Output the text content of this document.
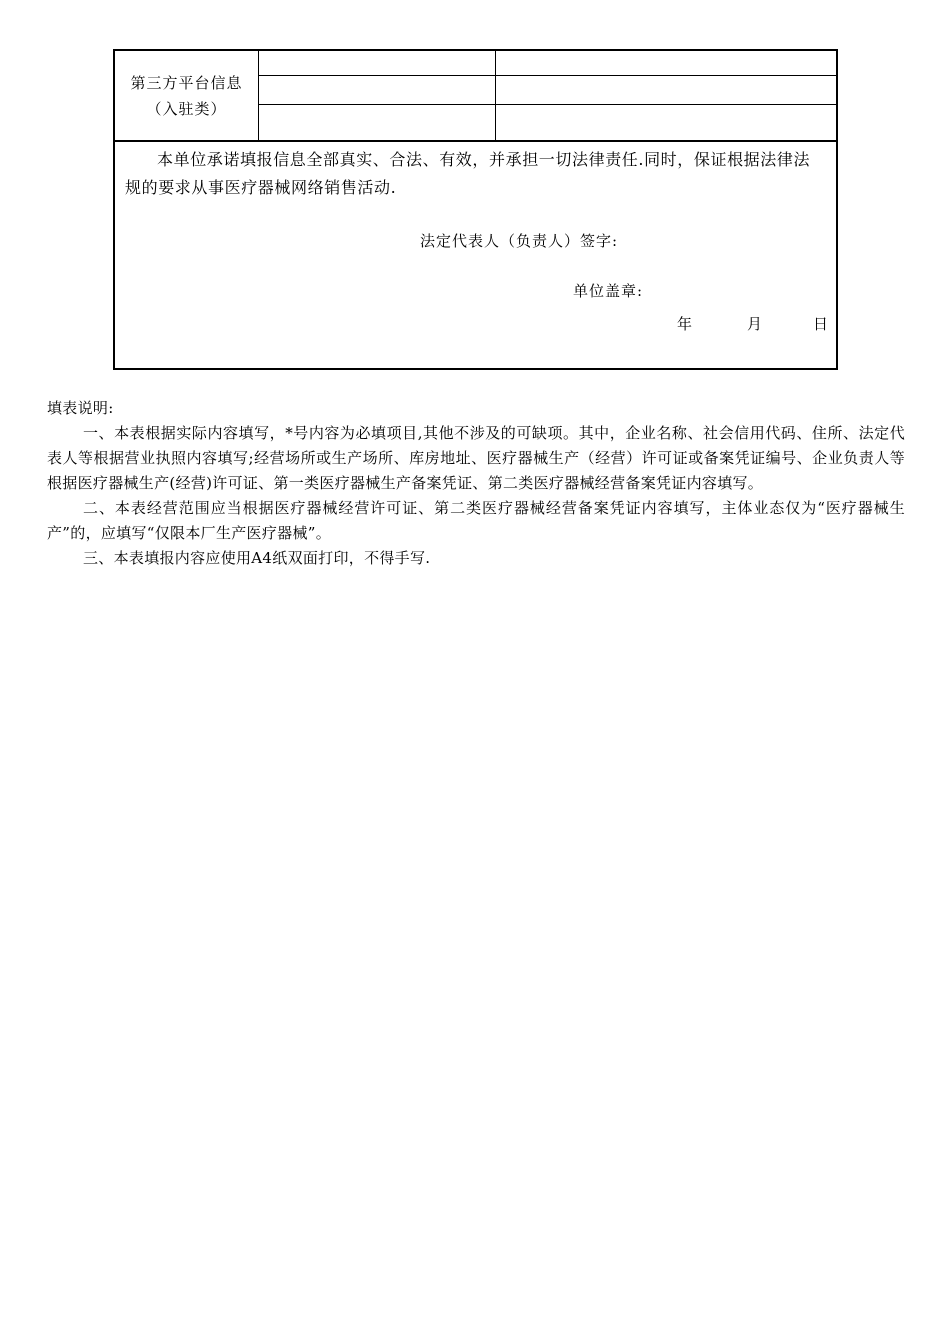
第三方平台信息（入驻类）
本单位承诺填报信息全部真实、合法、有效，并承担一切法律责任.同时，保证根据法律法规的要求从事医疗器械网络销售活动.
法定代表人（负责人）签字:
单位盖章:
年	月	日

填表说明:

一、本表根据实际内容填写，*号内容为必填项目,其他不涉及的可缺项。其中，企业名称、社会信用代码、住所、法定代表人等根据营业执照内容填写;经营场所或生产场所、库房地址、医疗器械生产（经营）许可证或备案凭证编号、企业负责人等根据医疗器械生产(经营)许可证、第一类医疗器械生产备案凭证、第二类医疗器械经营备案凭证内容填写。

二、本表经营范围应当根据医疗器械经营许可证、第二类医疗器械经营备案凭证内容填写，主体业态仅为“医疗器械生产”的，应填写“仅限本厂生产医疗器械”。

三、本表填报内容应使用A4纸双面打印，不得手写.
